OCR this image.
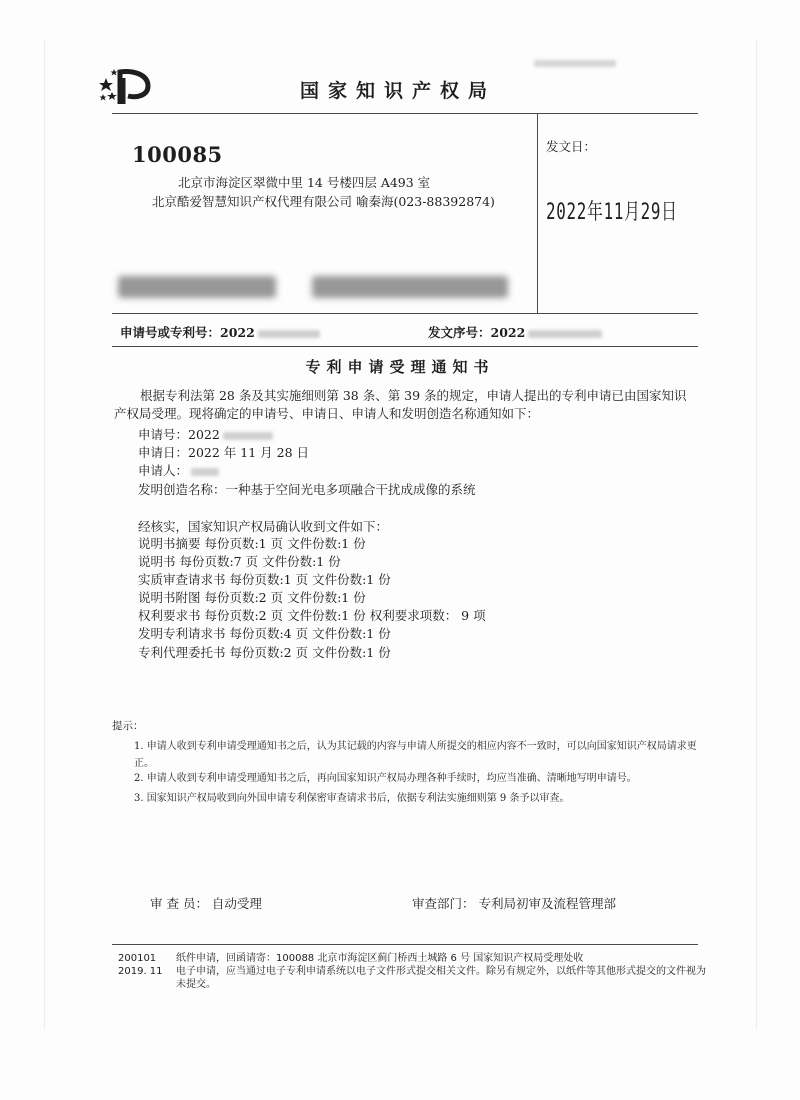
国家知识产权局
100085
北京市海淀区翠微中里 14 号楼四层 A493 室
北京酷爱智慧知识产权代理有限公司 喻秦海(023-88392874)
发文日：
2022年11月29日
申请号或专利号：2022	发文序号：2022
专利申请受理通知书
根据专利法第 28 条及其实施细则第 38 条、第 39 条的规定，申请人提出的专利申请已由国家知识产权局受理。现将确定的申请号、申请日、申请人和发明创造名称通知如下：
申请号：2022
申请日：2022 年 11 月 28 日
申请人：
发明创造名称：一种基于空间光电多项融合干扰成成像的系统
经核实，国家知识产权局确认收到文件如下：
说明书摘要 每份页数:1 页 文件份数:1 份
说明书 每份页数:7 页 文件份数:1 份
实质审查请求书 每份页数:1 页 文件份数:1 份
说明书附图 每份页数:2 页 文件份数:1 份
权利要求书 每份页数:2 页 文件份数:1 份 权利要求项数： 9 项
发明专利请求书 每份页数:4 页 文件份数:1 份
专利代理委托书 每份页数:2 页 文件份数:1 份
提示：
1. 申请人收到专利申请受理通知书之后，认为其记载的内容与申请人所提交的相应内容不一致时，可以向国家知识产权局请求更正。
2. 申请人收到专利申请受理通知书之后，再向国家知识产权局办理各种手续时，均应当准确、清晰地写明申请号。
3. 国家知识产权局收到向外国申请专利保密审查请求书后，依据专利法实施细则第 9 条予以审查。
审 查 员： 自动受理	审查部门： 专利局初审及流程管理部
200101
2019. 11
纸件申请，回函请寄：100088 北京市海淀区蓟门桥西土城路 6 号 国家知识产权局受理处收
电子申请，应当通过电子专利申请系统以电子文件形式提交相关文件。除另有规定外，以纸件等其他形式提交的文件视为未提交。
